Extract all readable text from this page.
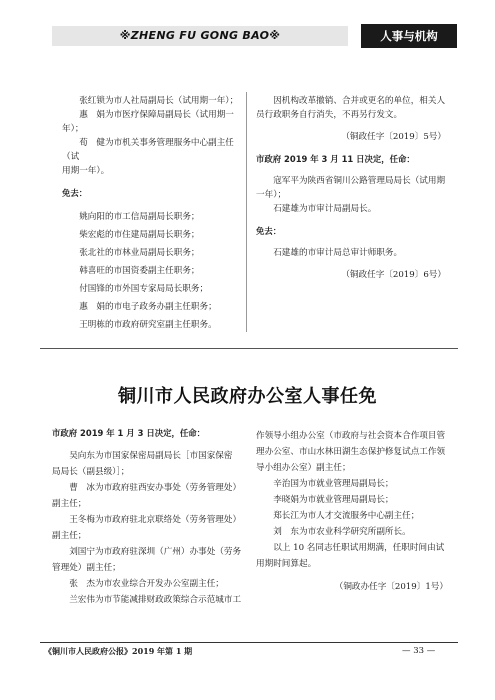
※ZHENG FU GONG BAO※	人事与机构

张红锁为市人社局副局长（试用期一年）；

惠　娟为市医疗保障局副局长（试用期一年）；

荀　健为市机关事务管理服务中心副主任（试

用期一年）。

免去：

姚向阳的市工信局副局长职务；

柴宏彪的市住建局副局长职务；

张北社的市林业局副局长职务；

韩喜旺的市国资委副主任职务；

付国锋的市外国专家局局长职务；

惠　娟的市电子政务办副主任职务；

王明栋的市政府研究室副主任职务。

因机构改革撤销、合并或更名的单位，相关人

员行政职务自行消失，不再另行发文。

（铜政任字〔2019〕5号）

市政府 2019 年 3 月 11 日决定，任命：

寇军平为陕西省铜川公路管理局局长（试用期

一年）；

石建雄为市审计局副局长。

免去：

石建雄的市审计局总审计师职务。

（铜政任字〔2019〕6号）

铜川市人民政府办公室人事任免

市政府 2019 年 1 月 3 日决定，任命：

吴向东为市国家保密局副局长［市国家保密

局局长（副县级）］；

曹　冰为市政府驻西安办事处（劳务管理处）

副主任；

王冬梅为市政府驻北京联络处（劳务管理处）

副主任；

刘国宁为市政府驻深圳（广州）办事处（劳务

管理处）副主任；

张　杰为市农业综合开发办公室副主任；

兰宏伟为市节能减排财政政策综合示范城市工

作领导小组办公室（市政府与社会资本合作项目管

理办公室、市山水林田湖生态保护修复试点工作领

导小组办公室）副主任；

辛治国为市就业管理局副局长；

李晓娟为市就业管理局副局长；

郑长江为市人才交流服务中心副主任；

刘　东为市农业科学研究所副所长。

以上 10 名同志任职试用期满，任职时间由试

用期时间算起。

（铜政办任字〔2019〕1号）

《铜川市人民政府公报》2019 年第 1 期	— 33 —
